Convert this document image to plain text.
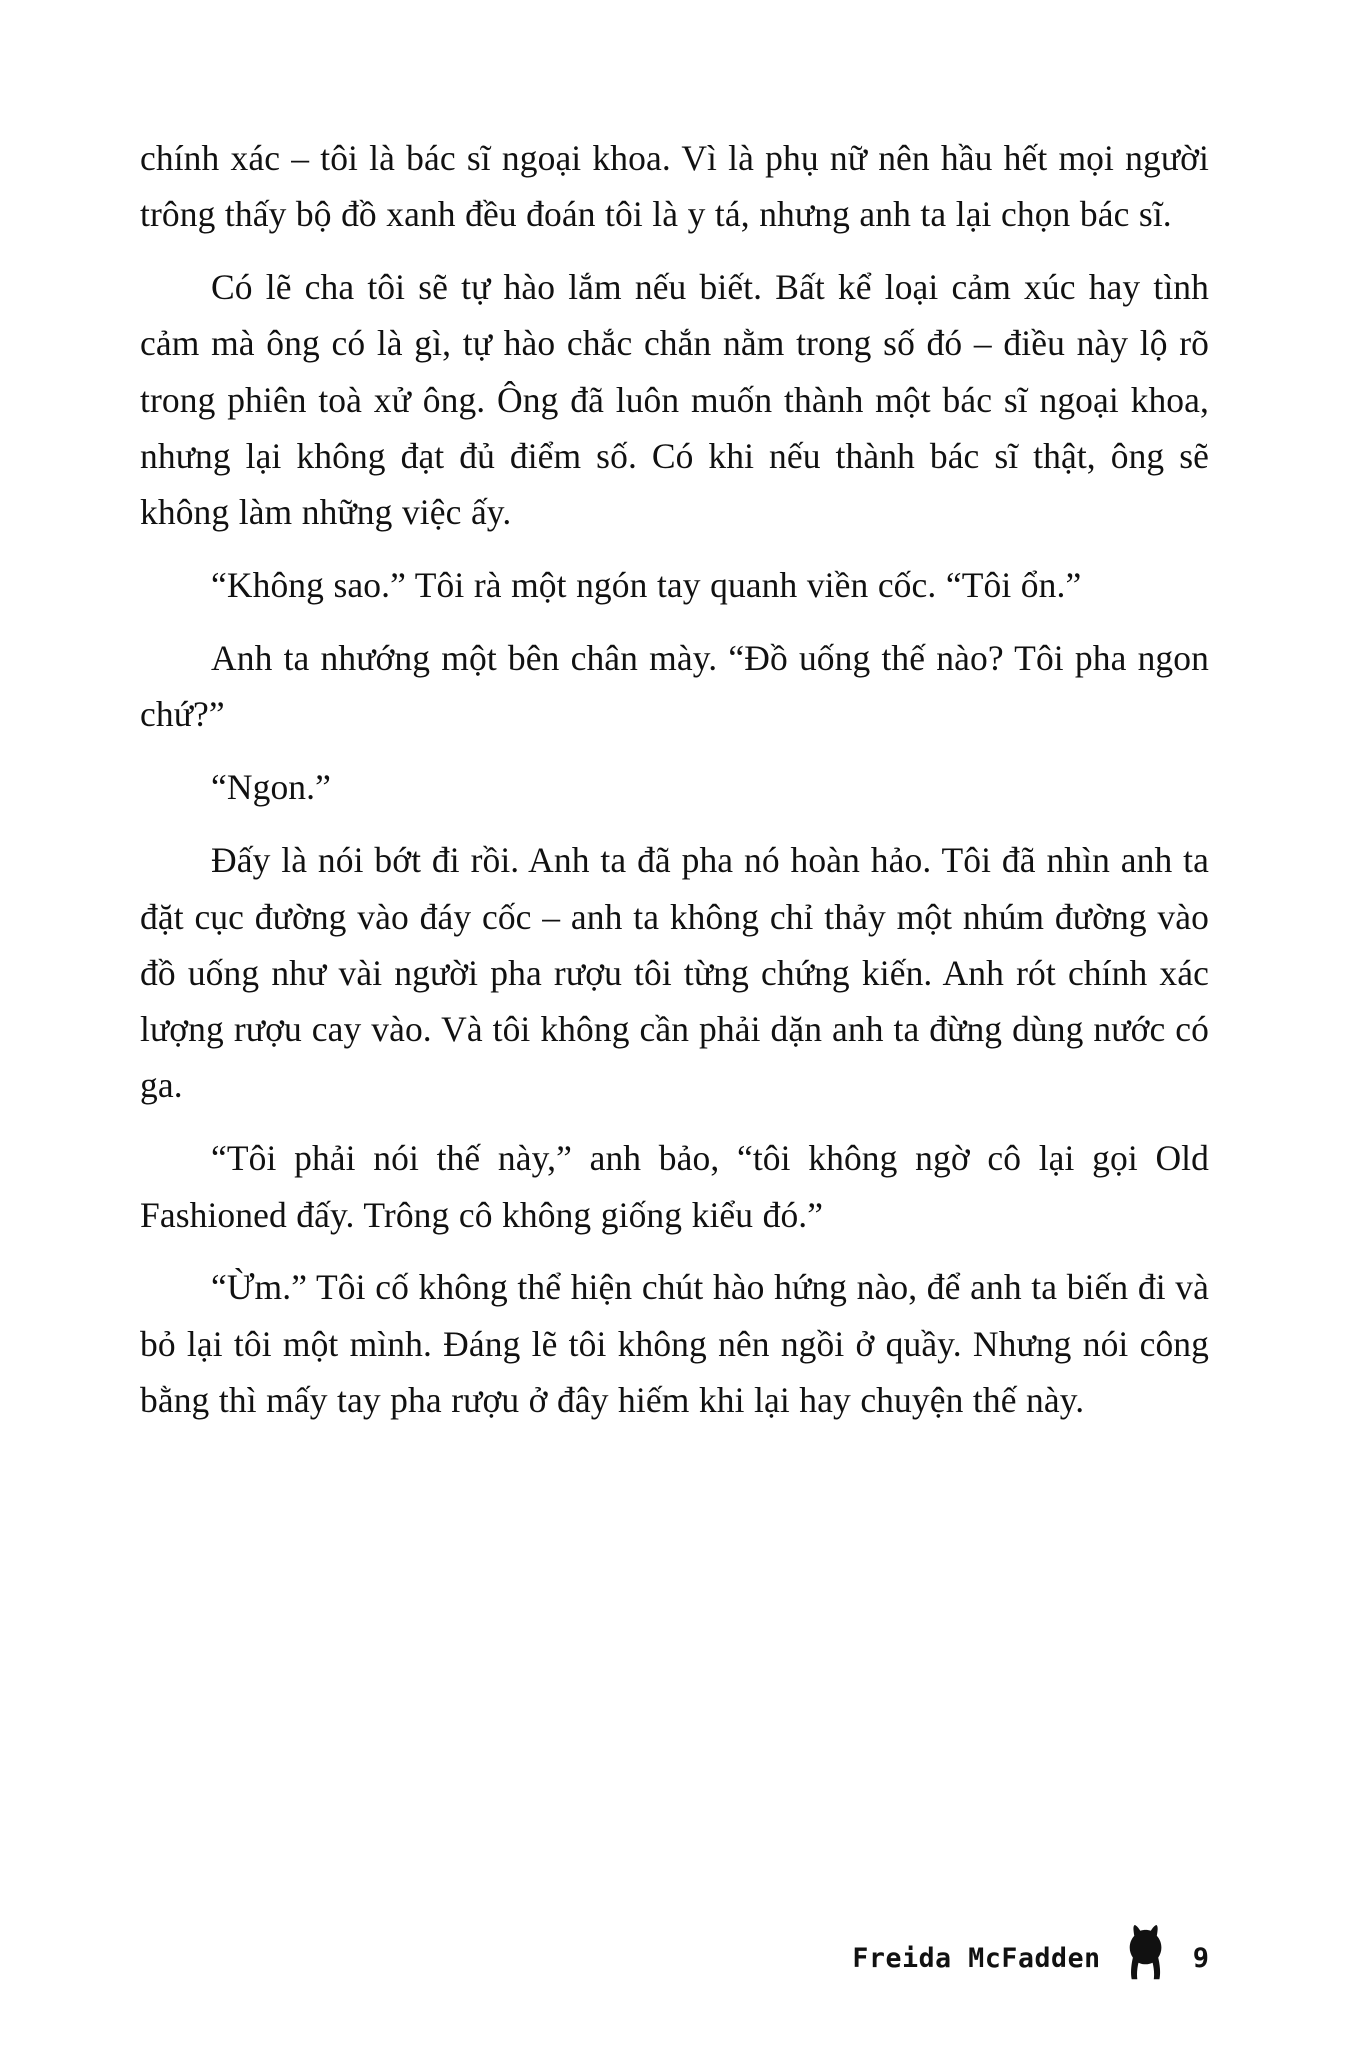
chính xác – tôi là bác sĩ ngoại khoa. Vì là phụ nữ nên hầu hết mọi người trông thấy bộ đồ xanh đều đoán tôi là y tá, nhưng anh ta lại chọn bác sĩ.

Có lẽ cha tôi sẽ tự hào lắm nếu biết. Bất kể loại cảm xúc hay tình cảm mà ông có là gì, tự hào chắc chắn nằm trong số đó – điều này lộ rõ trong phiên toà xử ông. Ông đã luôn muốn thành một bác sĩ ngoại khoa, nhưng lại không đạt đủ điểm số. Có khi nếu thành bác sĩ thật, ông sẽ không làm những việc ấy.

“Không sao.” Tôi rà một ngón tay quanh viền cốc. “Tôi ổn.”

Anh ta nhướng một bên chân mày. “Đồ uống thế nào? Tôi pha ngon chứ?”

“Ngon.”

Đấy là nói bớt đi rồi. Anh ta đã pha nó hoàn hảo. Tôi đã nhìn anh ta đặt cục đường vào đáy cốc – anh ta không chỉ thảy một nhúm đường vào đồ uống như vài người pha rượu tôi từng chứng kiến. Anh rót chính xác lượng rượu cay vào. Và tôi không cần phải dặn anh ta đừng dùng nước có ga.

“Tôi phải nói thế này,” anh bảo, “tôi không ngờ cô lại gọi Old Fashioned đấy. Trông cô không giống kiểu đó.”

“Ừm.” Tôi cố không thể hiện chút hào hứng nào, để anh ta biến đi và bỏ lại tôi một mình. Đáng lẽ tôi không nên ngồi ở quầy. Nhưng nói công bằng thì mấy tay pha rượu ở đây hiếm khi lại hay chuyện thế này.

Freida McFadden	9
